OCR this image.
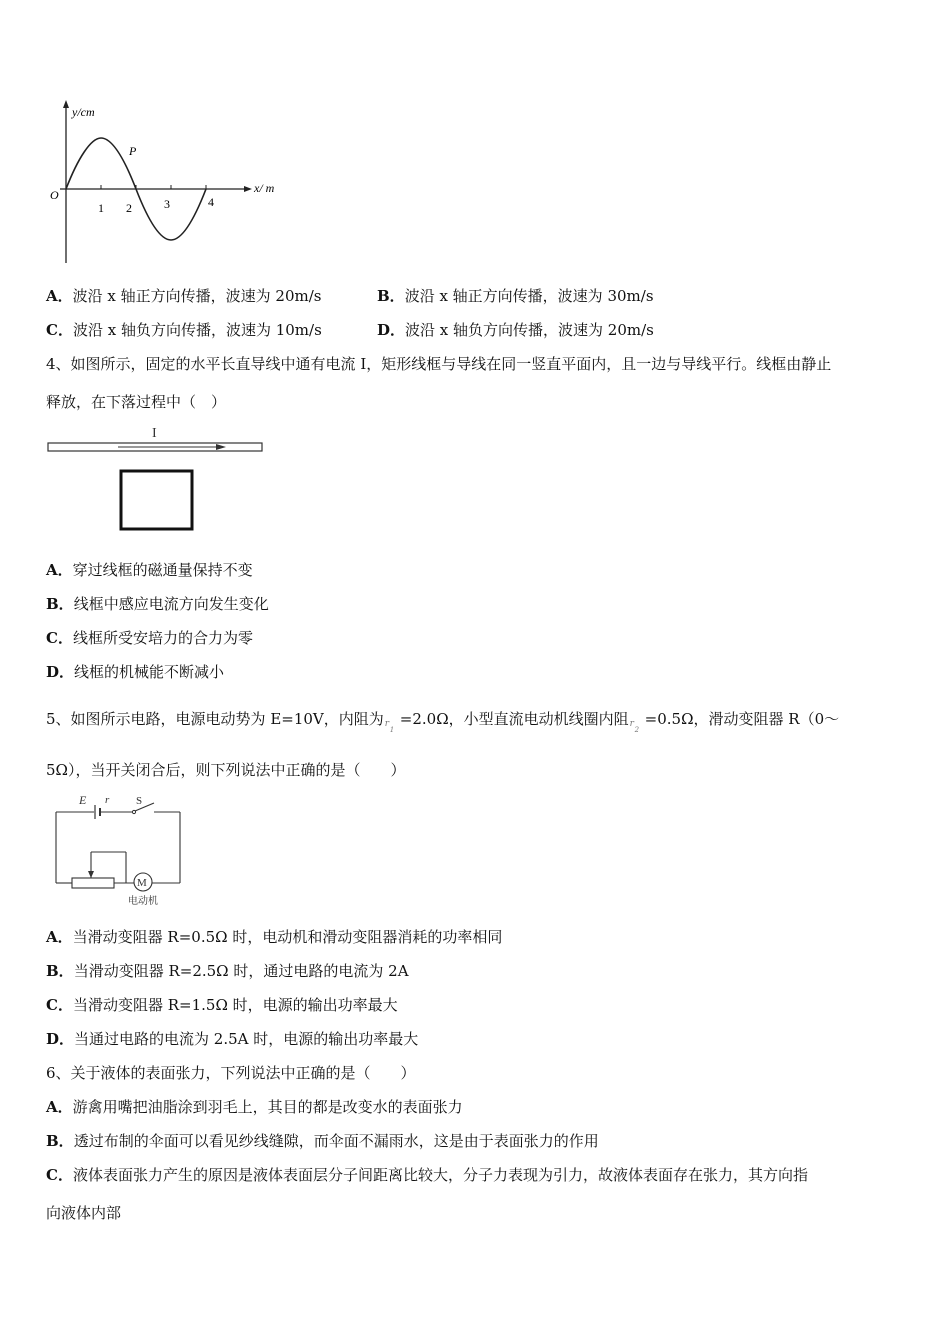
y/cm
x/ m
O
P
1 2	3	4
A．波沿 x 轴正方向传播，波速为 20m/s	B．波沿 x 轴正方向传播，波速为 30m/s
C．波沿 x 轴负方向传播，波速为 10m/s	D．波沿 x 轴负方向传播，波速为 20m/s
4、如图所示，固定的水平长直导线中通有电流 I，矩形线框与导线在同一竖直平面内，且一边与导线平行。线框由静止
释放，在下落过程中（　）
I
A．穿过线框的磁通量保持不变
B．线框中感应电流方向发生变化
C．线框所受安培力的合力为零
D．线框的机械能不断减小
5、如图所示电路，电源电动势为 E=10V，内阻为 r
1
=2.0Ω，小型直流电动机线圈内阻 r
2
=0.5Ω，滑动变阻器 R（0～
5Ω），当开关闭合后，则下列说法中正确的是（　　）
E r S
M
电动机
A．当滑动变阻器 R=0.5Ω 时，电动机和滑动变阻器消耗的功率相同
B．当滑动变阻器 R=2.5Ω 时，通过电路的电流为 2A
C．当滑动变阻器 R=1.5Ω 时，电源的输出功率最大
D．当通过电路的电流为 2.5A 时，电源的输出功率最大
6、关于液体的表面张力，下列说法中正确的是（　　）
A．游禽用嘴把油脂涂到羽毛上，其目的都是改变水的表面张力
B．透过布制的伞面可以看见纱线缝隙，而伞面不漏雨水，这是由于表面张力的作用
C．液体表面张力产生的原因是液体表面层分子间距离比较大，分子力表现为引力，故液体表面存在张力，其方向指
向液体内部
